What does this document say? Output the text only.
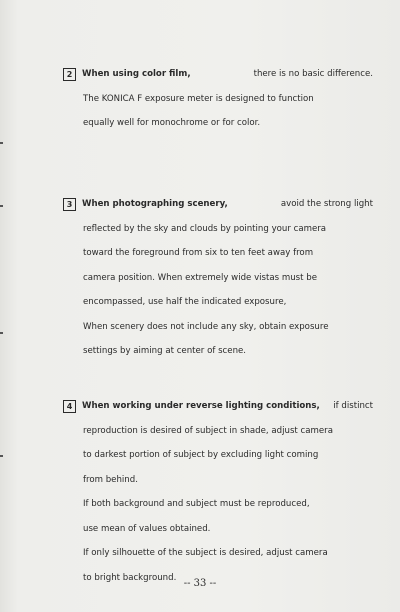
2	When using color film,	there is no basic difference.
The KONICA F exposure meter is designed to function
equally well for monochrome or for color.
3	When photographing scenery,	avoid the strong light
reflected by the sky and clouds by pointing your camera
toward the foreground from six to ten feet away from
camera position. When extremely wide vistas must be
encompassed, use half the indicated exposure,
When scenery does not include any sky, obtain exposure
settings by aiming at center of scene.
4	When working under reverse lighting conditions, if distinct
reproduction is desired of subject in shade, adjust camera
to darkest portion of subject by excluding light coming
from behind.
If both background and subject must be reproduced,
use mean of values obtained.
If only silhouette of the subject is desired, adjust camera
to bright background.
-- 33 --
